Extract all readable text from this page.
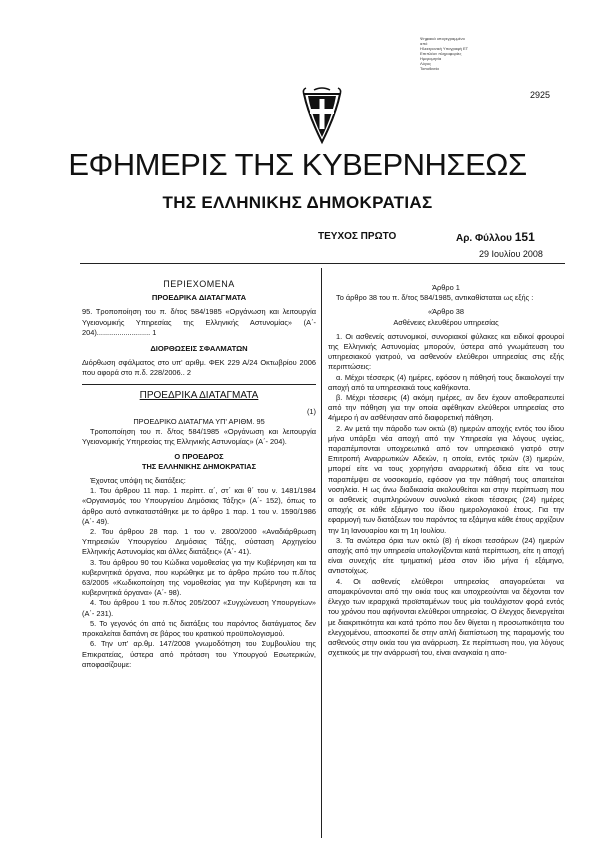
Ψηφιακά υπογεγραμμένο
από
Ηλεκτρονική Υπογραφή ΕΤ
Επιπλέον πληροφορίες
Ημερομηνία
Λόγος
Τοποθεσία
2925
ΕΦΗΜΕΡΙΣ ΤΗΣ ΚΥΒΕΡΝΗΣΕΩΣ
ΤΗΣ ΕΛΛΗΝΙΚΗΣ ΔΗΜΟΚΡΑΤΙΑΣ
ΤΕΥΧΟΣ ΠΡΩΤΟ	Αρ. Φύλλου 151
29 Ιουλίου 2008
ΠΕΡΙΕΧΟΜΕΝΑ
ΠΡΟΕΔΡΙΚΑ ΔΙΑΤΑΓΜΑΤΑ

95. Τροποποίηση του π. δ/τος 584/1985 «Οργάνωση και λειτουργία Υγειονομικής Υπηρεσίας της Ελληνικής Αστυνομίας» (Α΄- 204).......................... 1

ΔΙΟΡΘΩΣΕΙΣ ΣΦΑΛΜΑΤΩΝ

Διόρθωση σφάλματος στο υπ' αριθμ. ΦΕΚ 229 Α/24 Οκτωβρίου 2006 που αφορά στο π.δ. 228/2006.. 2

ΠΡΟΕΔΡΙΚΑ ΔΙΑΤΑΓΜΑΤΑ
(1)

ΠΡΟΕΔΡΙΚΟ ΔΙΑΤΑΓΜΑ ΥΠ' ΑΡΙΘΜ. 95

Τροποποίηση του π. δ/τος 584/1985 «Οργάνωση και λειτουργία Υγειονομικής Υπηρεσίας της Ελληνικής Αστυνομίας» (Α΄- 204).

Ο ΠΡΟΕΔΡΟΣ

ΤΗΣ ΕΛΛΗΝΙΚΗΣ ΔΗΜΟΚΡΑΤΙΑΣ

Έχοντας υπόψη τις διατάξεις:

1. Του άρθρου 11 παρ. 1 περίπτ. α΄, στ΄ και θ΄ του ν. 1481/1984 «Οργανισμός του Υπουργείου Δημόσιας Τάξης» (Α΄- 152), όπως το άρθρο αυτό αντικαταστάθηκε με το άρθρο 1 παρ. 1 του ν. 1590/1986 (Α΄- 49).

2. Του άρθρου 28 παρ. 1 του ν. 2800/2000 «Αναδιάρθρωση Υπηρεσιών Υπουργείου Δημόσιας Τάξης, σύσταση Αρχηγείου Ελληνικής Αστυνομίας και άλλες διατάξεις» (Α΄- 41).

3. Του άρθρου 90 του Κώδικα νομοθεσίας για την Κυβέρνηση και τα κυβερνητικά όργανα, που κυρώθηκε με το άρθρο πρώτο του π.δ/τος 63/2005 «Κωδικοποίηση της νομοθεσίας για την Κυβέρνηση και τα κυβερνητικά όργανα» (Α΄- 98).

4. Του άρθρου 1 του π.δ/τος 205/2007 «Συγχώνευση Υπουργείων» (Α΄- 231).

5. Το γεγονός ότι από τις διατάξεις του παρόντος διατάγματος δεν προκαλείται δαπάνη σε βάρος του κρατικού προϋπολογισμού.

6. Την υπ' αρ.θμ. 147/2008 γνωμοδότηση του Συμβουλίου της Επικρατείας, ύστερα από πρόταση του Υπουργού Εσωτερικών, αποφασίζουμε:

Άρθρο 1

Το άρθρο 38 του π. δ/τος 584/1985, αντικαθίσταται ως εξής :

«Άρθρο 38

Ασθένειες ελευθέρου υπηρεσίας

1. Οι ασθενείς αστυνομικοί, συνοριακοί φύλακες και ειδικοί φρουροί της Ελληνικής Αστυνομίας μπορούν, ύστερα από γνωμάτευση του υπηρεσιακού γιατρού, να ασθενούν ελεύθεροι υπηρεσίας στις εξής περιπτώσεις:

α. Μέχρι τέσσερις (4) ημέρες, εφόσον η πάθησή τους δικαιολογεί την αποχή από τα υπηρεσιακά τους καθήκοντα.

β. Μέχρι τέσσερις (4) ακόμη ημέρες, αν δεν έχουν αποθεραπευτεί από την πάθηση για την οποία αφέθηκαν ελεύθεροι υπηρεσίας στο 4ήμερο ή αν ασθένησαν από διαφορετική πάθηση.

2. Αν μετά την πάροδο των οκτώ (8) ημερών αποχής εντός του ίδιου μήνα υπάρξει νέα αποχή από την Υπηρεσία για λόγους υγείας, παραπέμπονται υποχρεωτικά από τον υπηρεσιακό γιατρό στην Επιτροπή Αναρρωτικών Αδειών, η οποία, εντός τριών (3) ημερών, μπορεί είτε να τους χορηγήσει αναρρωτική άδεια είτε να τους παραπέμψει σε νοσοκομείο, εφόσον για την πάθησή τους απαιτείται νοσηλεία. Η ως άνω διαδικασία ακολουθείται και στην περίπτωση που οι ασθενείς συμπληρώνουν συνολικά είκοσι τέσσερις (24) ημέρες αποχής σε κάθε εξάμηνο του ίδιου ημερολογιακού έτους. Για την εφαρμογή των διατάξεων του παρόντος τα εξάμηνα κάθε έτους αρχίζουν την 1η Ιανουαρίου και τη 1η Ιουλίου.

3. Τα ανώτερα όρια των οκτώ (8) ή είκοσι τεσσάρων (24) ημερών αποχής από την υπηρεσία υπολογίζονται κατά περίπτωση, είτε η αποχή είναι συνεχής είτε τμηματική μέσα στον ίδιο μήνα ή εξάμηνο, αντιστοίχως.

4. Οι ασθενείς ελεύθεροι υπηρεσίας απαγορεύεται να απομακρύνονται από την οικία τους και υποχρεούνται να δέχονται τον έλεγχο των ιεραρχικά προϊσταμένων τους μία τουλάχιστον φορά εντός του χρόνου που αφήνονται ελεύθεροι υπηρεσίας. Ο έλεγχος διενεργείται με διακριτικότητα και κατά τρόπο που δεν θίγεται η προσωπικότητα του ελεγχομένου, αποσκοπεί δε στην απλή διαπίστωση της παραμονής του ασθενούς στην οικία του για ανάρρωση. Σε περίπτωση που, για λόγους σχετικούς με την ανάρρωσή του, είναι αναγκαία η απο-
